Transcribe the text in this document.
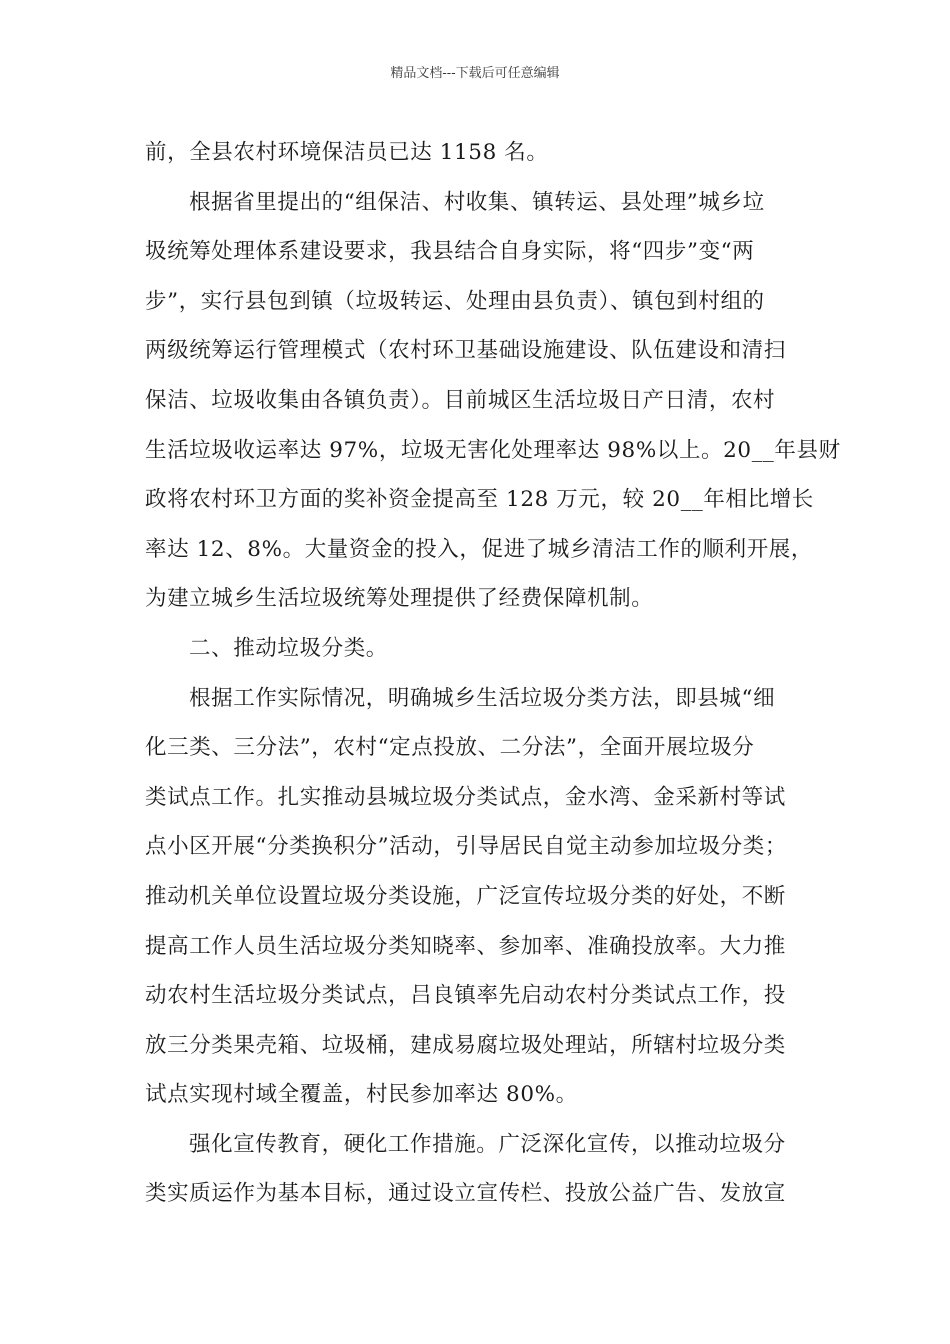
精品文档---下载后可任意编辑
前，全县农村环境保洁员已达 1158 名。
根据省里提出的“组保洁、村收集、镇转运、县处理”城乡垃
圾统筹处理体系建设要求，我县结合自身实际，将“四步”变“两
步”，实行县包到镇（垃圾转运、处理由县负责）、镇包到村组的
两级统筹运行管理模式（农村环卫基础设施建设、队伍建设和清扫
保洁、垃圾收集由各镇负责）。目前城区生活垃圾日产日清，农村
生活垃圾收运率达 97%，垃圾无害化处理率达 98%以上。20__年县财
政将农村环卫方面的奖补资金提高至 128 万元，较 20__年相比增长
率达 12、8%。大量资金的投入，促进了城乡清洁工作的顺利开展，
为建立城乡生活垃圾统筹处理提供了经费保障机制。
二、推动垃圾分类。
根据工作实际情况，明确城乡生活垃圾分类方法，即县城“细
化三类、三分法”，农村“定点投放、二分法”，全面开展垃圾分
类试点工作。扎实推动县城垃圾分类试点，金水湾、金采新村等试
点小区开展“分类换积分”活动，引导居民自觉主动参加垃圾分类；
推动机关单位设置垃圾分类设施，广泛宣传垃圾分类的好处，不断
提高工作人员生活垃圾分类知晓率、参加率、准确投放率。大力推
动农村生活垃圾分类试点，吕良镇率先启动农村分类试点工作，投
放三分类果壳箱、垃圾桶，建成易腐垃圾处理站，所辖村垃圾分类
试点实现村域全覆盖，村民参加率达 80%。
强化宣传教育，硬化工作措施。广泛深化宣传，以推动垃圾分
类实质运作为基本目标，通过设立宣传栏、投放公益广告、发放宣
